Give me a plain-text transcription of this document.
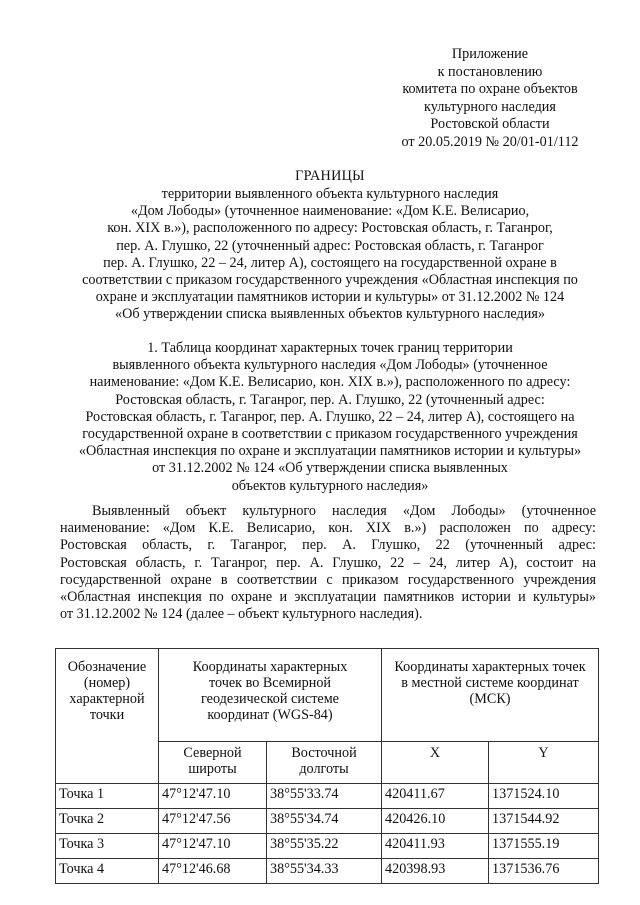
Приложение
к постановлению
комитета по охране объектов
культурного наследия
Ростовской области
от 20.05.2019 № 20/01-01/112
ГРАНИЦЫ
территории выявленного объекта культурного наследия
«Дом Лободы» (уточненное наименование: «Дом К.Е. Велисарио,
кон. XIX в.»), расположенного по адресу: Ростовская область, г. Таганрог,
пер. А. Глушко, 22 (уточненный адрес: Ростовская область, г. Таганрог
пер. А. Глушко, 22 – 24, литер А), состоящего на государственной охране в
соответствии с приказом государственного учреждения «Областная инспекция по
охране и эксплуатации памятников истории и культуры» от 31.12.2002 № 124
«Об утверждении списка выявленных объектов культурного наследия»
1. Таблица координат характерных точек границ территории
выявленного объекта культурного наследия «Дом Лободы» (уточненное
наименование: «Дом К.Е. Велисарио, кон. XIX в.»), расположенного по адресу:
Ростовская область, г. Таганрог, пер. А. Глушко, 22 (уточненный адрес:
Ростовская область, г. Таганрог, пер. А. Глушко, 22 – 24, литер А), состоящего на
государственной охране в соответствии с приказом государственного учреждения
«Областная инспекция по охране и эксплуатации памятников истории и культуры»
от 31.12.2002 № 124 «Об утверждении списка выявленных
объектов культурного наследия»
Выявленный объект культурного наследия «Дом Лободы» (уточненное
наименование: «Дом К.Е. Велисарио, кон. XIX в.») расположен по адресу:
Ростовская область, г. Таганрог, пер. А. Глушко, 22 (уточненный адрес:
Ростовская область, г. Таганрог, пер. А. Глушко, 22 – 24, литер А), состоит на
государственной охране в соответствии с приказом государственного учреждения
«Областная инспекция по охране и эксплуатации памятников истории и культуры»
от 31.12.2002 № 124 (далее – объект культурного наследия).
Обозначение
(номер)
характерной
точки	Координаты характерных
точек во Всемирной
геодезической системе
координат (WGS-84)		Координаты характерных точек
в местной системе координат
(МСК)	

	Северной
широты	Восточной
долготы	X	Y
Точка 1	47°12'47.10	38°55'33.74	420411.67	1371524.10
Точка 2	47°12'47.56	38°55'34.74	420426.10	1371544.92
Точка 3	47°12'47.10	38°55'35.22	420411.93	1371555.19
Точка 4	47°12'46.68	38°55'34.33	420398.93	1371536.76
